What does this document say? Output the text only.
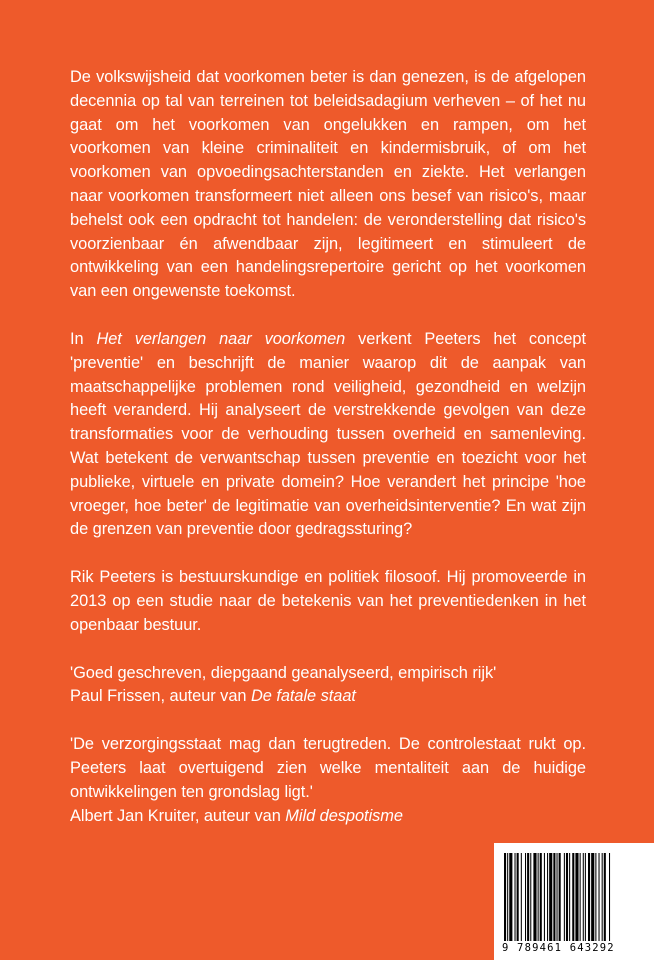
De volkswijsheid dat voorkomen beter is dan genezen, is de afgelopen decennia op tal van terreinen tot beleidsadagium verheven – of het nu gaat om het voorkomen van ongelukken en rampen, om het voorkomen van kleine criminaliteit en kindermisbruik, of om het voorkomen van opvoedingsachterstanden en ziekte. Het verlangen naar voorkomen transformeert niet alleen ons besef van risico's, maar behelst ook een opdracht tot handelen: de veronderstelling dat risico's voorzienbaar én afwendbaar zijn, legitimeert en stimuleert de ontwikkeling van een handelingsrepertoire gericht op het voorkomen van een ongewenste toekomst.

In Het verlangen naar voorkomen verkent Peeters het concept 'preventie' en beschrijft de manier waarop dit de aanpak van maatschappelijke problemen rond veiligheid, gezondheid en welzijn heeft veranderd. Hij analyseert de verstrekkende gevolgen van deze transformaties voor de verhouding tussen overheid en samenleving. Wat betekent de verwantschap tussen preventie en toezicht voor het publieke, virtuele en private domein? Hoe verandert het principe 'hoe vroeger, hoe beter' de legitimatie van overheidsinterventie? En wat zijn de grenzen van preventie door gedragssturing?

Rik Peeters is bestuurskundige en politiek filosoof. Hij promoveerde in 2013 op een studie naar de betekenis van het preventiedenken in het openbaar bestuur.

'Goed geschreven, diepgaand geanalyseerd, empirisch rijk'
Paul Frissen, auteur van De fatale staat

'De verzorgingsstaat mag dan terugtreden. De controlestaat rukt op. Peeters laat overtuigend zien welke mentaliteit aan de huidige ontwikkelingen ten grondslag ligt.'
Albert Jan Kruiter, auteur van Mild despotisme

9 789461 643292
